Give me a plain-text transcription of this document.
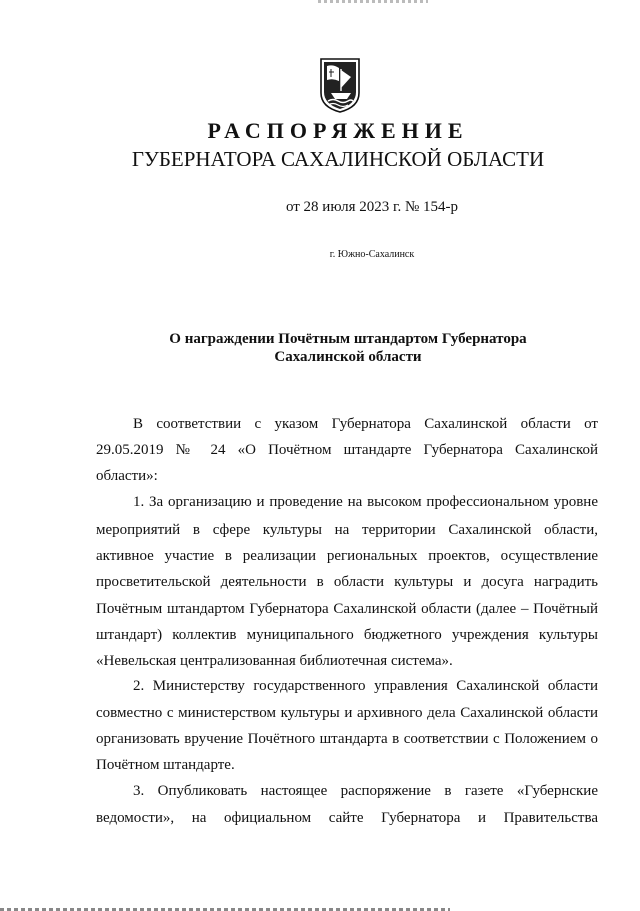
РАСПОРЯЖЕНИЕ
ГУБЕРНАТОРА САХАЛИНСКОЙ ОБЛАСТИ
от 28 июля 2023 г. № 154-р
г. Южно-Сахалинск
О награждении Почётным штандартом Губернатора
Сахалинской области
В соответствии с указом Губернатора Сахалинской области от
29.05.2019 № 24 «О Почётном штандарте Губернатора Сахалинской
области»:
1. За организацию и проведение на высоком профессиональном уровне
мероприятий в сфере культуры на территории Сахалинской области,
активное участие в реализации региональных проектов, осуществление
просветительской деятельности в области культуры и досуга наградить
Почётным штандартом Губернатора Сахалинской области (далее – Почётный
штандарт) коллектив муниципального бюджетного учреждения культуры
«Невельская централизованная библиотечная система».
2. Министерству государственного управления Сахалинской области
совместно с министерством культуры и архивного дела Сахалинской области
организовать вручение Почётного штандарта в соответствии с Положением о
Почётном штандарте.
3. Опубликовать настоящее распоряжение в газете «Губернские
ведомости», на официальном сайте Губернатора и Правительства
